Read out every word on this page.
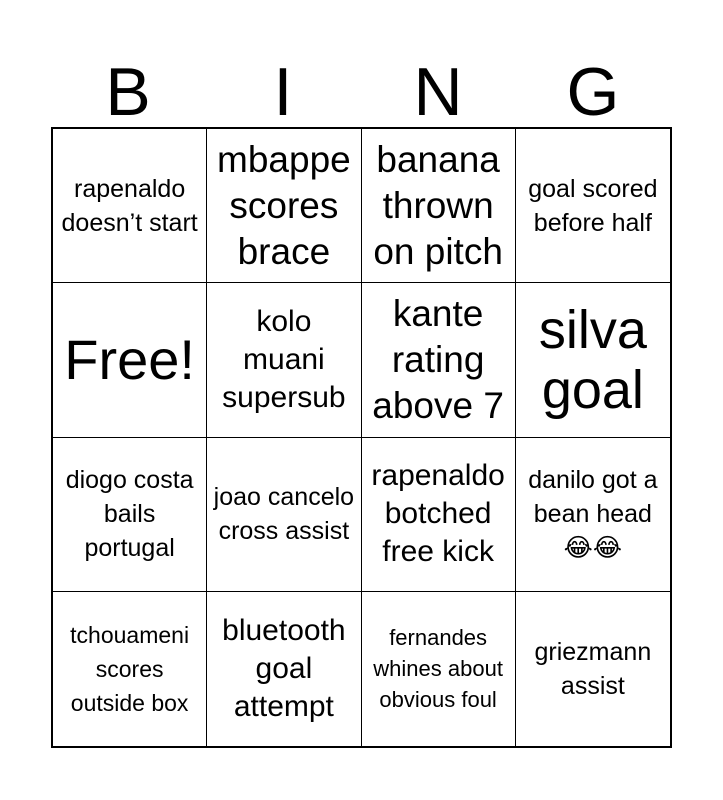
B	I	N	G
rapenaldo doesn’t start
mbappe scores brace
banana thrown on pitch
goal scored before half
Free!
kolo muani supersub
kante rating above 7
silva goal
diogo costa bails portugal
joao cancelo cross assist
rapenaldo botched free kick
danilo got a bean head 😂😂
tchouameni scores outside box
bluetooth goal attempt
fernandes whines about obvious foul
griezmann assist
